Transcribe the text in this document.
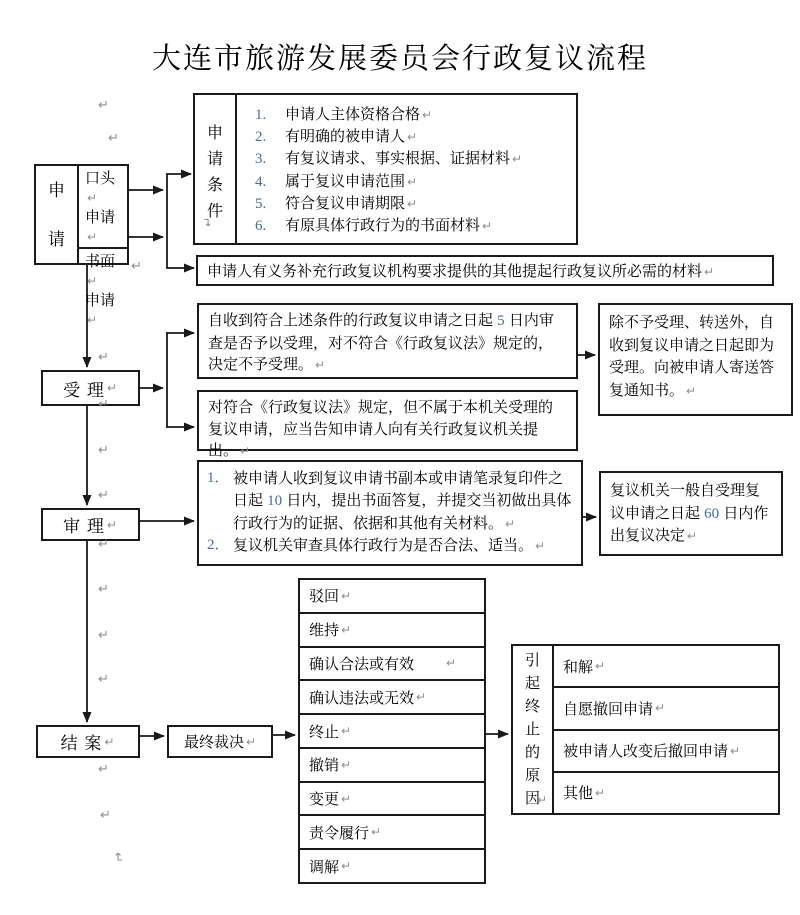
大连市旅游发展委员会行政复议流程
申请
口头↵
申请↵
书面↵
申请↵
申请条件
↵
1.	申请人主体资格合格 ↵
2.	有明确的被申请人 ↵
3.	有复议请求、事实根据、证据材料 ↵
4.	属于复议申请范围 ↵
5.	符合复议申请期限 ↵
6.	有原具体行政行为的书面材料 ↵
申请人有义务补充行政复议机构要求提供的其他提起行政复议所必需的材料 ↵
受 理 ↵
自收到符合上述条件的行政复议申请之日起 5 日内审查是否予以受理，对不符合《行政复议法》规定的，决定不予受理。 ↵
对符合《行政复议法》规定，但不属于本机关受理的复议申请，应当告知申请人向有关行政复议机关提出。 ↵
除不予受理、转送外，自收到复议申请之日起即为受理。向被申请人寄送答复通知书。 ↵
审 理 ↵
1． 被申请人收到复议申请书副本或申请笔录复印件之日起 10 日内，提出书面答复，并提交当初做出具体行政行为的证据、依据和其他有关材料。 ↵
2． 复议机关审查具体行政行为是否合法、适当。 ↵
复议机关一般自受理复议申请之日起 60 日内作出复议决定 ↵
结 案 ↵	最终裁决 ↵
驳回 ↵
维持 ↵
确认合法或有效	↵
确认违法或无效 ↵
终止 ↵
撤销 ↵
变更 ↵
责令履行 ↵
调解 ↵
引起终止的原因
↵
和解 ↵
自愿撤回申请 ↵
被申请人改变后撤回申请 ↵
其他 ↵
↵
↵
↵
↵
↵
↵
↵
↵
↵
↵
↵
↵
↵
↵
